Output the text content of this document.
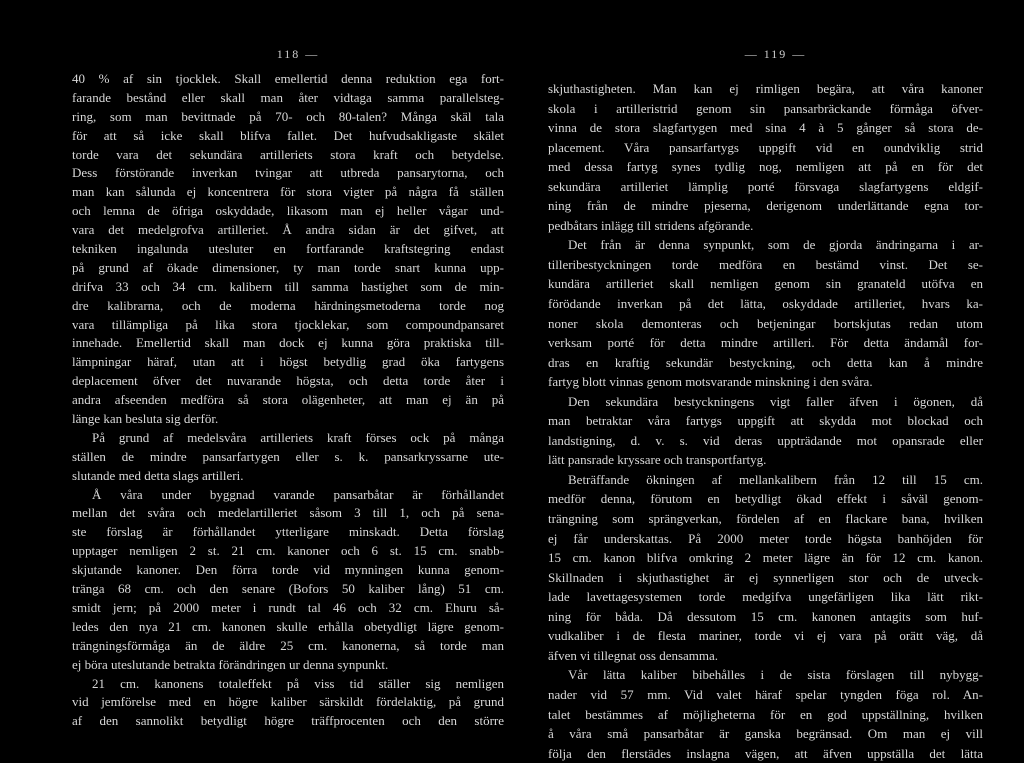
118 —
40 % af sin tjocklek. Skall emellertid denna reduktion ega fort-
farande bestånd eller skall man åter vidtaga samma parallelsteg-
ring, som man bevittnade på 70- och 80-talen? Många skäl tala
för att så icke skall blifva fallet. Det hufvudsakligaste skälet
torde vara det sekundära artilleriets stora kraft och betydelse.
Dess förstörande inverkan tvingar att utbreda pansarytorna, och
man kan sålunda ej koncentrera för stora vigter på några få ställen
och lemna de öfriga oskyddade, likasom man ej heller vågar und-
vara det medelgrofva artilleriet. Å andra sidan är det gifvet, att
tekniken ingalunda utesluter en fortfarande kraftstegring endast
på grund af ökade dimensioner, ty man torde snart kunna upp-
drifva 33 och 34 cm. kalibern till samma hastighet som de min-
dre kalibrarna, och de moderna härdningsmetoderna torde nog
vara tillämpliga på lika stora tjocklekar, som compoundpansaret
innehade. Emellertid skall man dock ej kunna göra praktiska till-
lämpningar häraf, utan att i högst betydlig grad öka fartygens
deplacement öfver det nuvarande högsta, och detta torde åter i
andra afseenden medföra så stora olägenheter, att man ej än på
länge kan besluta sig derför.
På grund af medelsvåra artilleriets kraft förses ock på många
ställen de mindre pansarfartygen eller s. k. pansarkryssarne ute-
slutande med detta slags artilleri.
Å våra under byggnad varande pansarbåtar är förhållandet
mellan det svåra och medelartilleriet såsom 3 till 1, och på sena-
ste förslag är förhållandet ytterligare minskadt. Detta förslag
upptager nemligen 2 st. 21 cm. kanoner och 6 st. 15 cm. snabb-
skjutande kanoner. Den förra torde vid mynningen kunna genom-
tränga 68 cm. och den senare (Bofors 50 kaliber lång) 51 cm.
smidt jern; på 2000 meter i rundt tal 46 och 32 cm. Ehuru så-
ledes den nya 21 cm. kanonen skulle erhålla obetydligt lägre genom-
trängningsförmåga än de äldre 25 cm. kanonerna, så torde man
ej böra uteslutande betrakta förändringen ur denna synpunkt.
21 cm. kanonens totaleffekt på viss tid ställer sig nemligen
vid jemförelse med en högre kaliber särskildt fördelaktig, på grund
af den sannolikt betydligt högre träffprocenten och den större
— 119 —
skjuthastigheten. Man kan ej rimligen begära, att våra kanoner
skola i artilleristrid genom sin pansarbräckande förmåga öfver-
vinna de stora slagfartygen med sina 4 à 5 gånger så stora de-
placement. Våra pansarfartygs uppgift vid en oundviklig strid
med dessa fartyg synes tydlig nog, nemligen att på en för det
sekundära artilleriet lämplig porté försvaga slagfartygens eldgif-
ning från de mindre pjeserna, derigenom underlättande egna tor-
pedbåtars inlägg till stridens afgörande.
Det från är denna synpunkt, som de gjorda ändringarna i ar-
tilleribestyckningen torde medföra en bestämd vinst. Det se-
kundära artilleriet skall nemligen genom sin granateld utöfva en
förödande inverkan på det lätta, oskyddade artilleriet, hvars ka-
noner skola demonteras och betjeningar bortskjutas redan utom
verksam porté för detta mindre artilleri. För detta ändamål for-
dras en kraftig sekundär bestyckning, och detta kan å mindre
fartyg blott vinnas genom motsvarande minskning i den svåra.
Den sekundära bestyckningens vigt faller äfven i ögonen, då
man betraktar våra fartygs uppgift att skydda mot blockad och
landstigning, d. v. s. vid deras uppträdande mot opansrade eller
lätt pansrade kryssare och transportfartyg.
Beträffande ökningen af mellankalibern från 12 till 15 cm.
medför denna, förutom en betydligt ökad effekt i såväl genom-
trängning som sprängverkan, fördelen af en flackare bana, hvilken
ej får underskattas. På 2000 meter torde högsta banhöjden för
15 cm. kanon blifva omkring 2 meter lägre än för 12 cm. kanon.
Skillnaden i skjuthastighet är ej synnerligen stor och de utveck-
lade lavettagesystemen torde medgifva ungefärligen lika lätt rikt-
ning för båda. Då dessutom 15 cm. kanonen antagits som huf-
vudkaliber i de flesta mariner, torde vi ej vara på orätt väg, då
äfven vi tillegnat oss densamma.
Vår lätta kaliber bibehålles i de sista förslagen till nybygg-
nader vid 57 mm. Vid valet häraf spelar tyngden föga rol. An-
talet bestämmes af möjligheterna för en god uppställning, hvilken
å våra små pansarbåtar är ganska begränsad. Om man ej vill
följa den flerstädes inslagna vägen, att äfven uppställa det lätta
